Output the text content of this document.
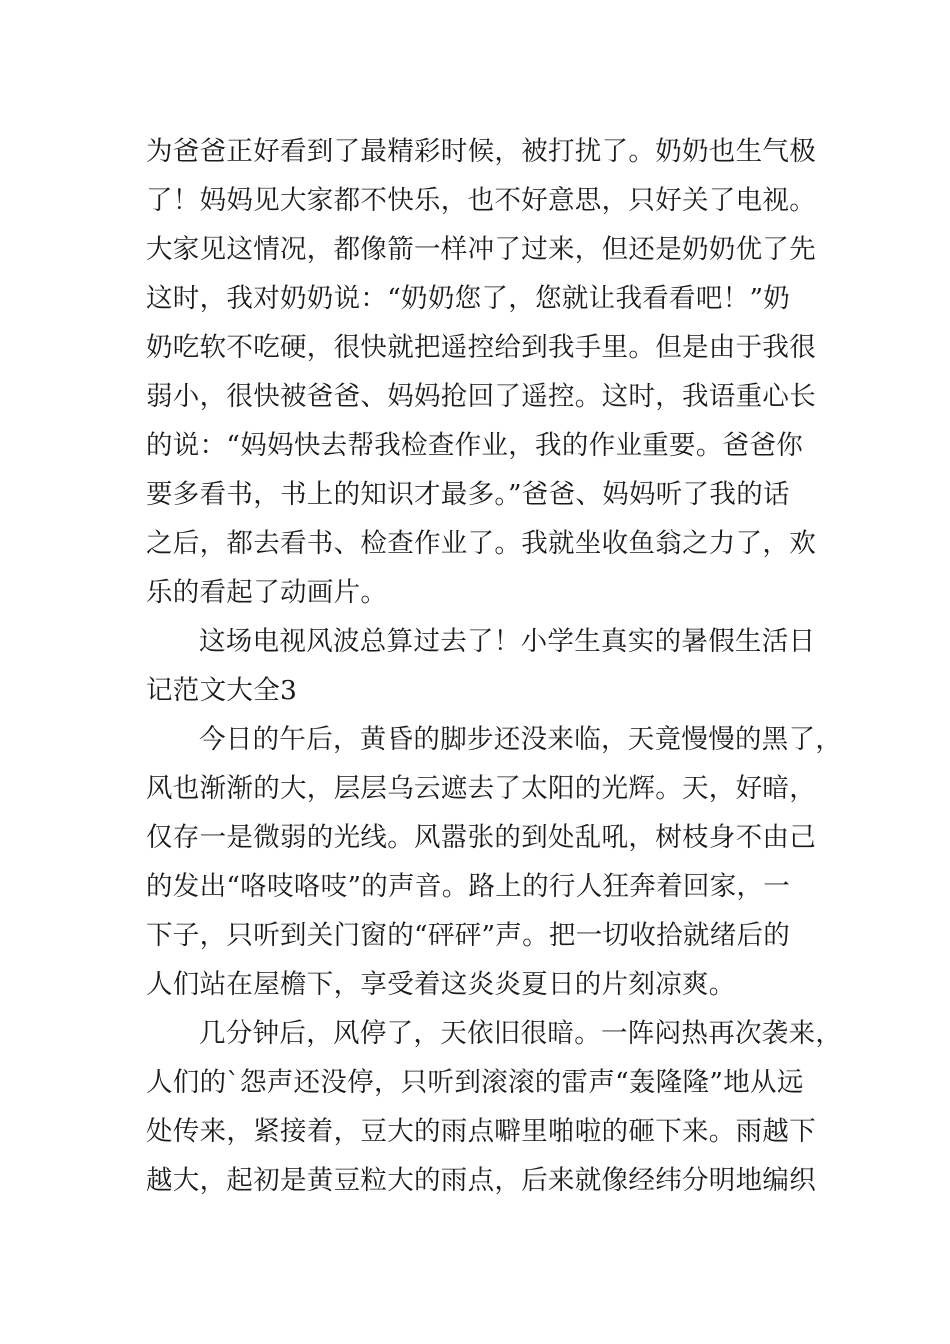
为爸爸正好看到了最精彩时候，被打扰了。奶奶也生气极
了！妈妈见大家都不快乐，也不好意思，只好关了电视。
大家见这情况，都像箭一样冲了过来，但还是奶奶优了先
这时，我对奶奶说：“奶奶您了，您就让我看看吧！”奶
奶吃软不吃硬，很快就把遥控给到我手里。但是由于我很
弱小，很快被爸爸、妈妈抢回了遥控。这时，我语重心长
的说：“妈妈快去帮我检查作业，我的作业重要。爸爸你
要多看书，书上的知识才最多。”爸爸、妈妈听了我的话
之后，都去看书、检查作业了。我就坐收鱼翁之力了，欢
乐的看起了动画片。
这场电视风波总算过去了！小学生真实的暑假生活日
记范文大全3
今日的午后，黄昏的脚步还没来临，天竟慢慢的黑了，
风也渐渐的大，层层乌云遮去了太阳的光辉。天，好暗，
仅存一是微弱的光线。风嚣张的到处乱吼，树枝身不由己
的发出“咯吱咯吱”的声音。路上的行人狂奔着回家，一
下子，只听到关门窗的“砰砰”声。把一切收拾就绪后的
人们站在屋檐下，享受着这炎炎夏日的片刻凉爽。
几分钟后，风停了，天依旧很暗。一阵闷热再次袭来，
人们的`怨声还没停，只听到滚滚的雷声“轰隆隆”地从远
处传来，紧接着，豆大的雨点噼里啪啦的砸下来。雨越下
越大，起初是黄豆粒大的雨点，后来就像经纬分明地编织
